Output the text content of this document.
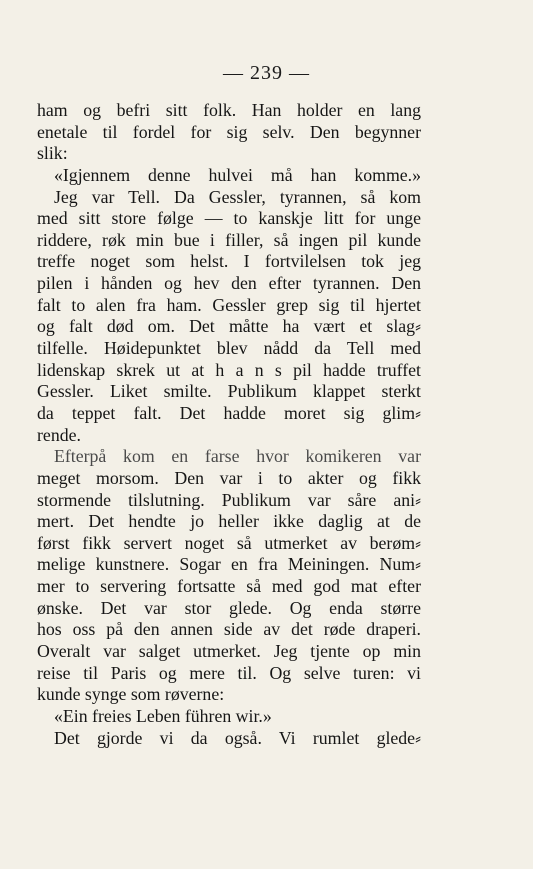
— 239 —
ham og befri sitt folk. Han holder en lang
enetale til fordel for sig selv. Den begynner
slik:
«Igjennem denne hulvei må han komme.»
Jeg var Tell. Da Gessler, tyrannen, så kom
med sitt store følge — to kanskje litt for unge
riddere, røk min bue i filler, så ingen pil kunde
treffe noget som helst. I fortvilelsen tok jeg
pilen i hånden og hev den efter tyrannen. Den
falt to alen fra ham. Gessler grep sig til hjertet
og falt død om. Det måtte ha vært et slag⸗
tilfelle. Høidepunktet blev nådd da Tell med
lidenskap skrek ut at h a n s pil hadde truffet
Gessler. Liket smilte. Publikum klappet sterkt
da teppet falt. Det hadde moret sig glim⸗
rende.
Efterpå kom en farse hvor komikeren var
meget morsom. Den var i to akter og fikk
stormende tilslutning. Publikum var såre ani⸗
mert. Det hendte jo heller ikke daglig at de
først fikk servert noget så utmerket av berøm⸗
melige kunstnere. Sogar en fra Meiningen. Num⸗
mer to servering fortsatte så med god mat efter
ønske. Det var stor glede. Og enda større
hos oss på den annen side av det røde draperi.
Overalt var salget utmerket. Jeg tjente op min
reise til Paris og mere til. Og selve turen: vi
kunde synge som røverne:
«Ein freies Leben führen wir.»
Det gjorde vi da også. Vi rumlet glede⸗
